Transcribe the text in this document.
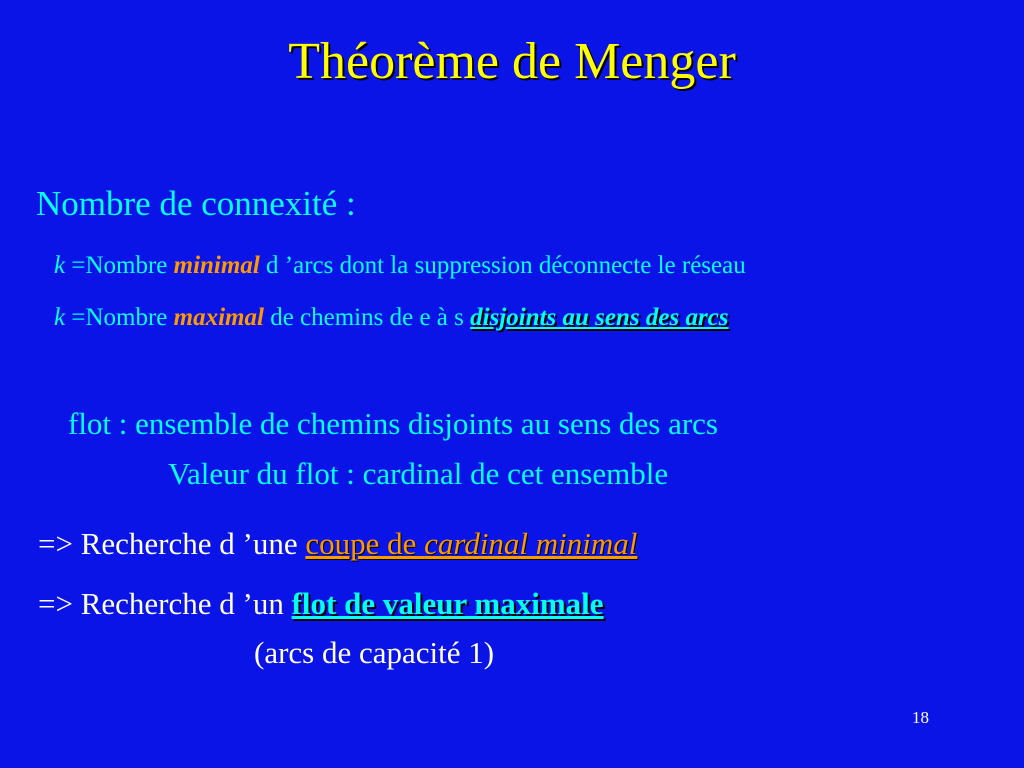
Théorème de Menger
Nombre de connexité :
k =Nombre minimal d ’arcs dont la suppression déconnecte le réseau
k =Nombre maximal de chemins de e à s disjoints au sens des arcs
flot : ensemble de chemins disjoints au sens des arcs
Valeur du flot : cardinal de cet ensemble
=> Recherche d ’une coupe de cardinal minimal
=> Recherche d ’un flot de valeur maximale
(arcs de capacité 1)
18
